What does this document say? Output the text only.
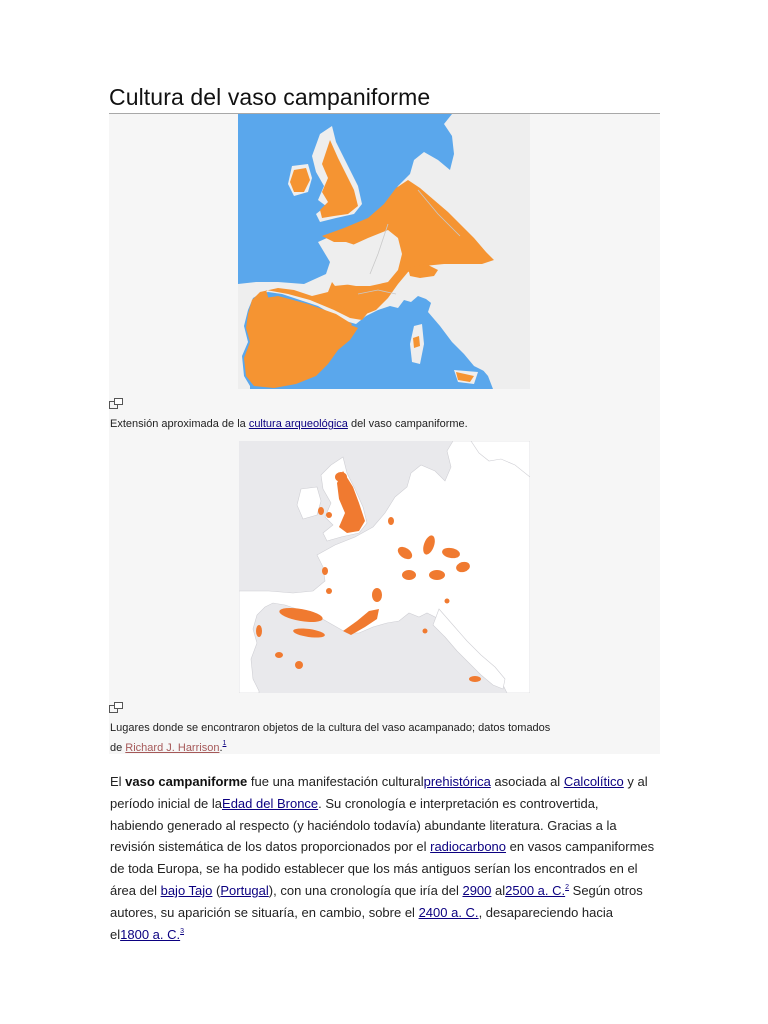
Cultura del vaso campaniforme
Extensión aproximada de la cultura arqueológica del vaso campaniforme.
Lugares donde se encontraron objetos de la cultura del vaso acampanado; datos tomados
de Richard J. Harrison.$^1$

El vaso campaniforme fue una manifestación culturalprehistórica asociada al Calcolítico y al período inicial de laEdad del Bronce. Su cronología e interpretación es controvertida, habiendo generado al respecto (y haciéndolo todavía) abundante literatura. Gracias a la revisión sistemática de los datos proporcionados por el radiocarbono en vasos campaniformes de toda Europa, se ha podido establecer que los más antiguos serían los encontrados en el área del bajo Tajo (Portugal), con una cronología que iría del 2900 al2500 a. C.$^2$ Según otros autores, su aparición se situaría, en cambio, sobre el 2400 a. C., desapareciendo hacia el1800 a. C.$^3$
